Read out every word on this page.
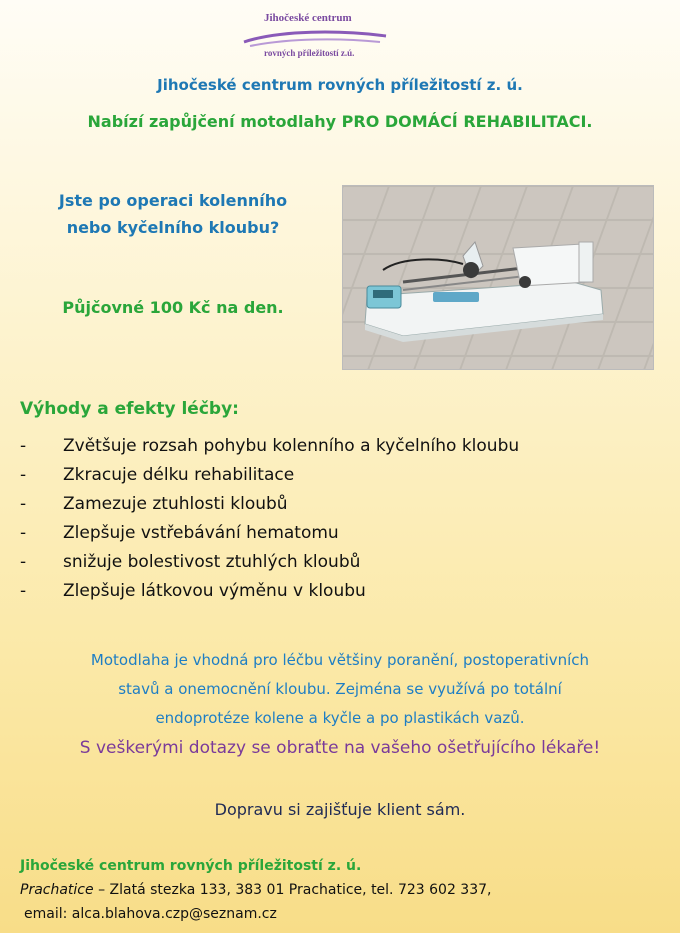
Jihočeské centrum
rovných příležitostí z.ú.
Jihočeské centrum rovných příležitostí z. ú.
Nabízí zapůjčení motodlahy PRO DOMÁCÍ REHABILITACI.
Jste po operaci kolenního
nebo kyčelního kloubu?
Půjčovné 100 Kč na den.
Výhody a efekty léčby:
-	Zvětšuje rozsah pohybu kolenního a kyčelního kloubu
-	Zkracuje délku rehabilitace
-	Zamezuje ztuhlosti kloubů
-	Zlepšuje vstřebávání hematomu
-	snižuje bolestivost ztuhlých kloubů
-	Zlepšuje látkovou výměnu v kloubu
Motodlaha je vhodná pro léčbu většiny poranění, postoperativních
stavů a onemocnění kloubu. Zejména se využívá po totální
endoprotéze kolene a kyčle a po plastikách vazů.
S veškerými dotazy se obraťte na vašeho ošetřujícího lékaře!
Dopravu si zajišťuje klient sám.
Jihočeské centrum rovných příležitostí z. ú.
Prachatice – Zlatá stezka 133, 383 01 Prachatice, tel. 723 602 337,
email: alca.blahova.czp@seznam.cz
